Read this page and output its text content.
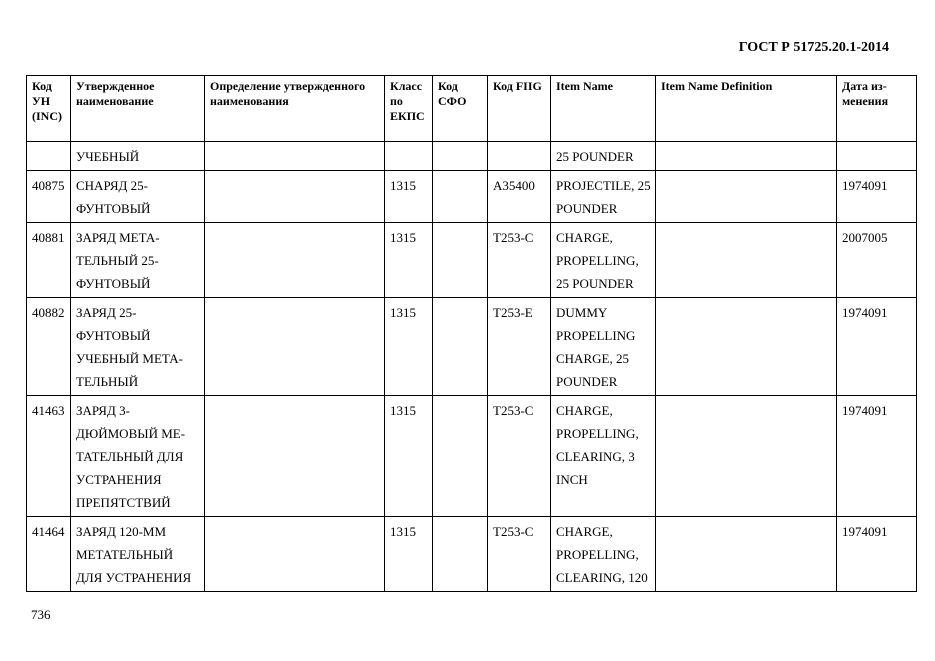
ГОСТ Р 51725.20.1-2014
Код УН (INC)	Утвержденное наименование	Определение утвержденного наименования	Класс по ЕКПС	Код СФО	Код FIIG	Item Name	Item Name Definition	Дата из-менения
	УЧЕБНЫЙ					25 POUNDER		
40875	СНАРЯД 25-ФУНТОВЫЙ		1315		A35400	PROJECTILE, 25 POUNDER		1974091
40881	ЗАРЯД МЕТА-ТЕЛЬНЫЙ 25-ФУНТОВЫЙ		1315		T253-C	CHARGE, PROPELLING, 25 POUNDER		2007005
40882	ЗАРЯД 25-ФУНТОВЫЙ УЧЕБНЫЙ МЕТА-ТЕЛЬНЫЙ		1315		T253-E	DUMMY PROPELLING CHARGE, 25 POUNDER		1974091
41463	ЗАРЯД 3-ДЮЙМОВЫЙ МЕ-ТАТЕЛЬНЫЙ ДЛЯ УСТРАНЕНИЯ ПРЕПЯТСТВИЙ		1315		T253-C	CHARGE, PROPELLING, CLEARING, 3 INCH		1974091
41464	ЗАРЯД 120-ММ МЕТАТЕЛЬНЫЙ ДЛЯ УСТРАНЕНИЯ		1315		T253-C	CHARGE, PROPELLING, CLEARING, 120		1974091
736
